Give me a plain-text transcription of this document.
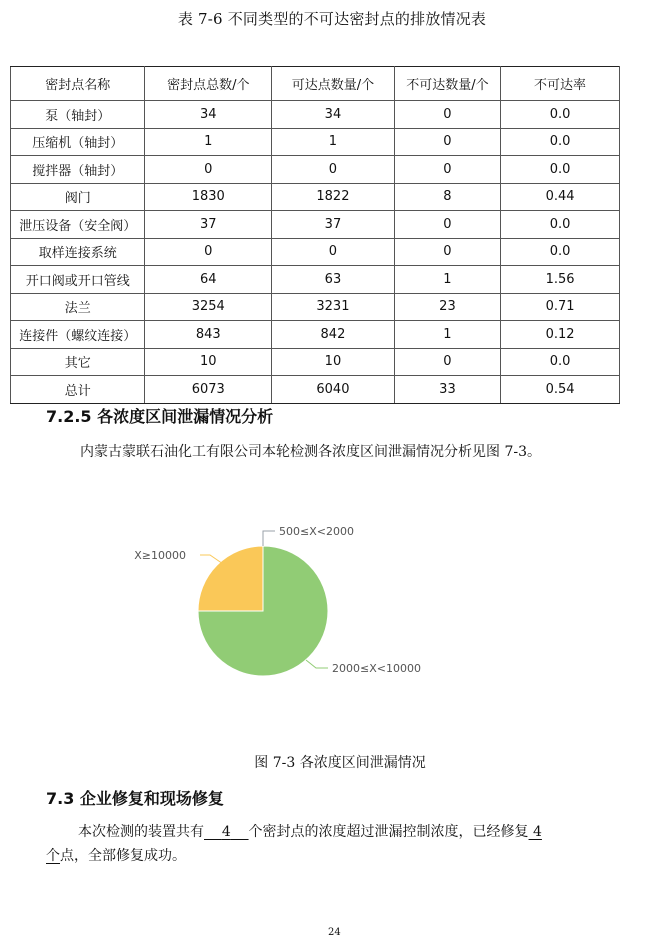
表 7-6 不同类型的不可达密封点的排放情况表
密封点名称	密封点总数/个	可达点数量/个	不可达数量/个	不可达率
泵（轴封）	34	34	0	0.0
压缩机（轴封）	1	1	0	0.0
搅拌器（轴封）	0	0	0	0.0
阀门	1830	1822	8	0.44
泄压设备（安全阀）	37	37	0	0.0
取样连接系统	0	0	0	0.0
开口阀或开口管线	64	63	1	1.56
法兰	3254	3231	23	0.71
连接件（螺纹连接）	843	842	1	0.12
其它	10	10	0	0.0
总计	6073	6040	33	0.54
7.2.5 各浓度区间泄漏情况分析
内蒙古蒙联石油化工有限公司本轮检测各浓度区间泄漏情况分析见图 7-3。
500≤X<2000
2000≤X<10000
X≥10000
图 7-3 各浓度区间泄漏情况
7.3 企业修复和现场修复
本次检测的装置共有 4 个密封点的浓度超过泄漏控制浓度，已经修复 4
个点，全部修复成功。
24
